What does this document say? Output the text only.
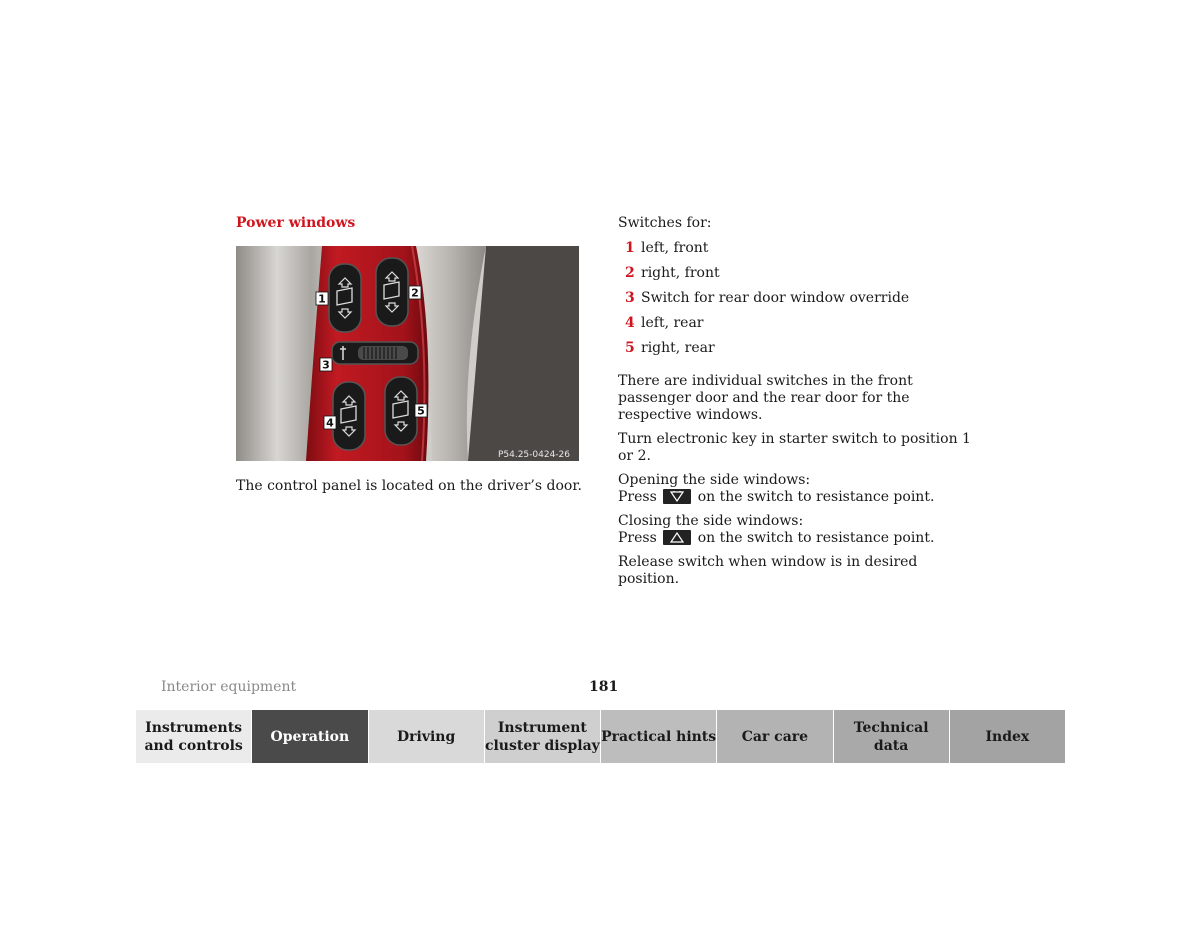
Power windows
1	2
3
4
5
P54.25-0424-26
The control panel is located on the driver’s door.

Switches for:

1 left, front
2 right, front
3 Switch for rear door window override
4 left, rear
5 right, rear

There are individual switches in the front passenger door and the rear door for the respective windows.

Turn electronic key in starter switch to position 1 or 2.

Opening the side windows:

Press	on the switch to resistance point.

Closing the side windows:

Press	on the switch to resistance point.

Release switch when window is in desired position.

Interior equipment	181
Instruments
and controls
Operation	Driving
Instrument
cluster display
Practical hints	Car care
Technical
data
Index
